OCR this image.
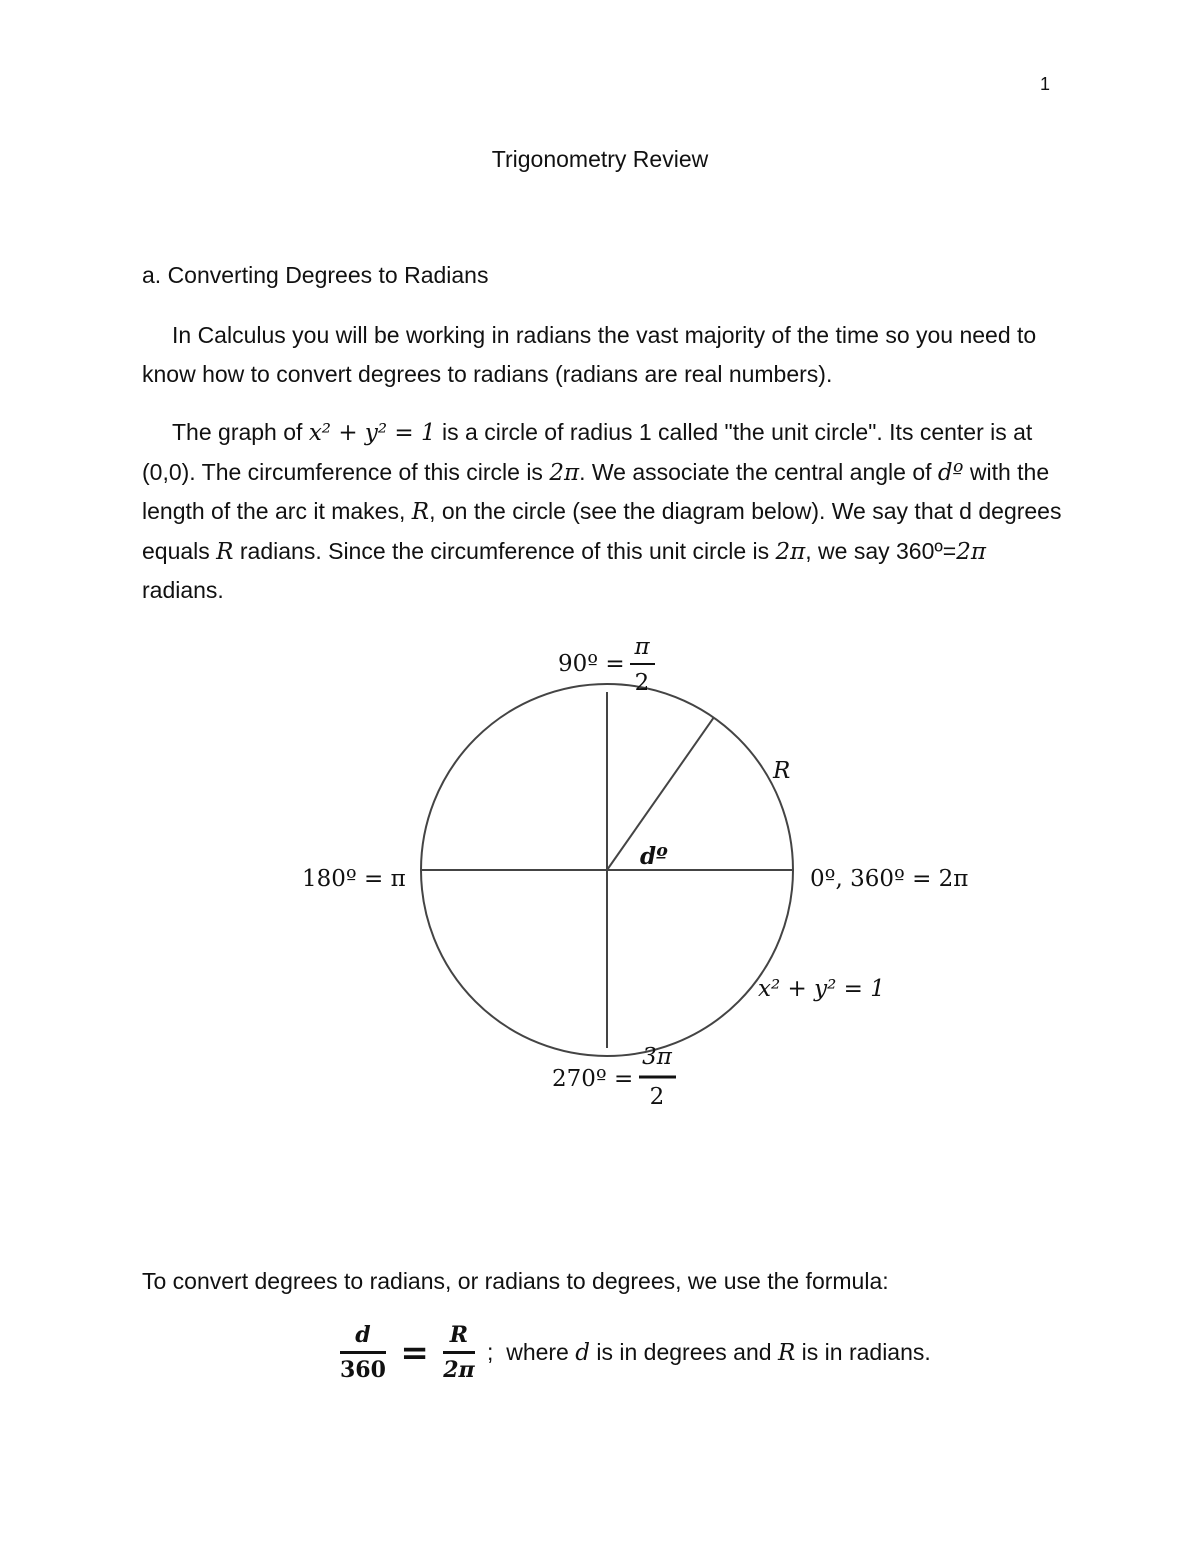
1
Trigonometry Review
a. Converting Degrees to Radians
In Calculus you will be working in radians the vast majority of the time so you need to know how to convert degrees to radians (radians are real numbers).
The graph of x² + y² = 1 is a circle of radius 1 called "the unit circle". Its center is at (0,0). The circumference of this circle is 2π. We associate the central angle of dº with the length of the arc it makes, R, on the circle (see the diagram below). We say that d degrees equals R radians. Since the circumference of this unit circle is 2π, we say 360º=2π radians.
90º =
π
2
180º = π	0º, 360º = 2π
270º =
3π
2
R
dº
x² + y² = 1
To convert degrees to radians, or radians to degrees, we use the formula:
$\frac{d}{360} = \frac{R}{2\pi}$ ; where d is in degrees and R is in radians.
